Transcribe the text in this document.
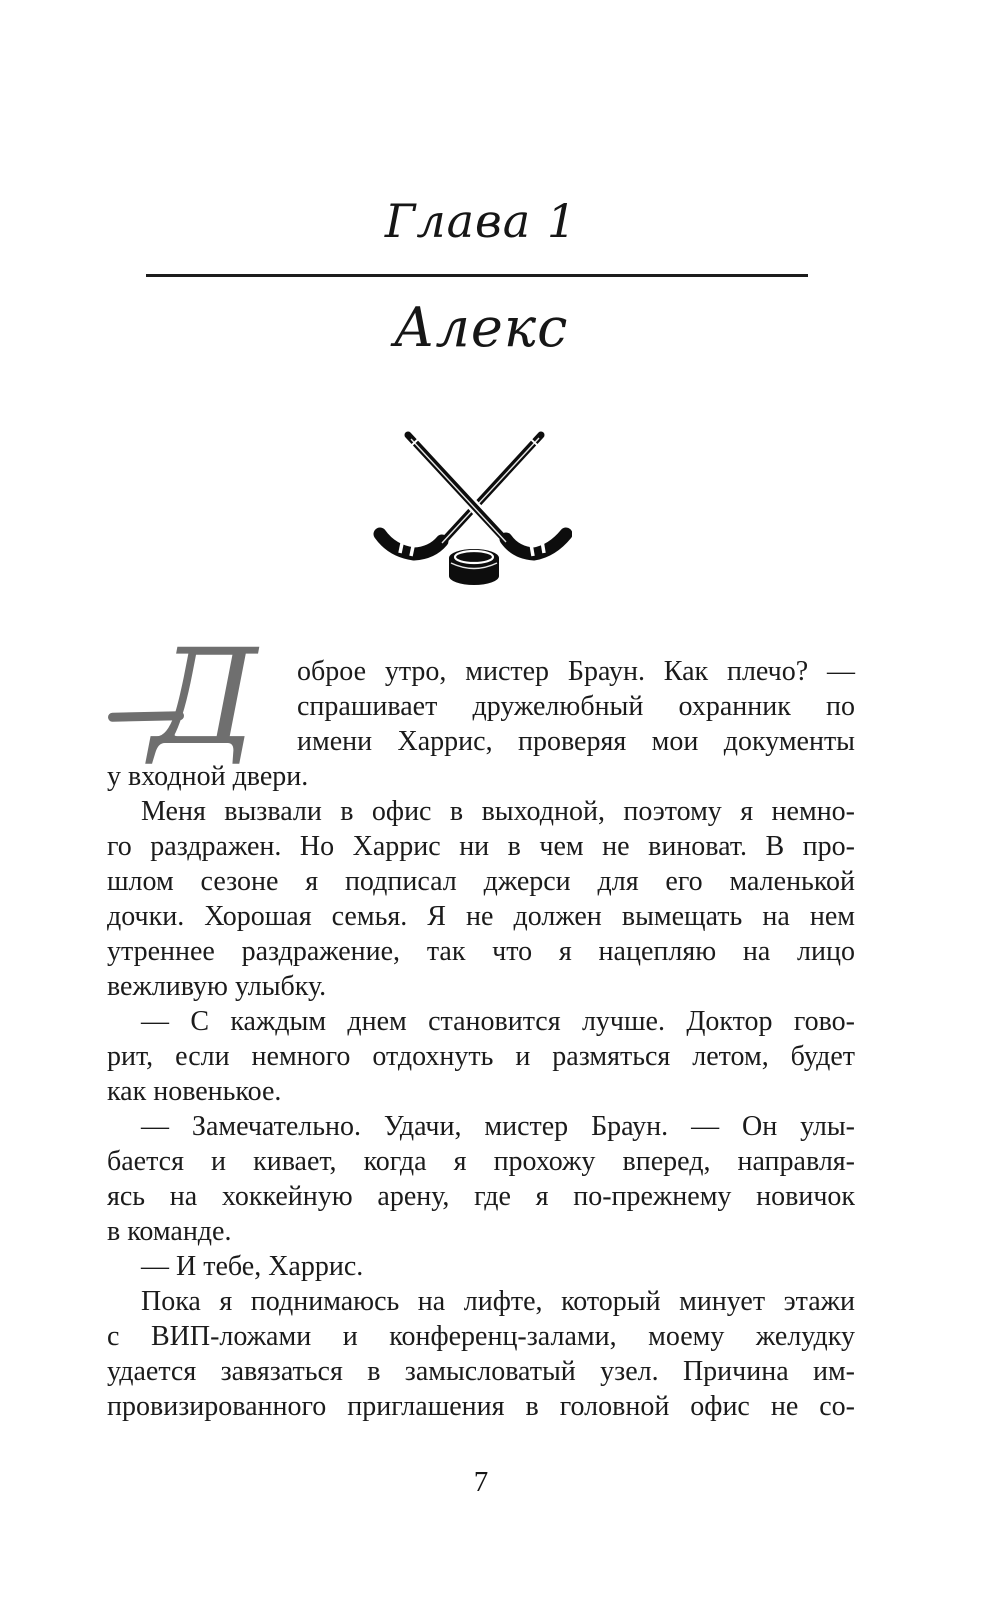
Глава 1
Алекс
Д оброе утро, мистер Браун. Как плечо? —
спрашивает дружелюбный охранник по
имени Харрис, проверяя мои документы
у входной двери.
Меня вызвали в офис в выходной, поэтому я немно-
го раздражен. Но Харрис ни в чем не виноват. В про-
шлом сезоне я подписал джерси для его маленькой
дочки. Хорошая семья. Я не должен вымещать на нем
утреннее раздражение, так что я нацепляю на лицо
вежливую улыбку.
— С каждым днем становится лучше. Доктор гово-
рит, если немного отдохнуть и размяться летом, будет
как новенькое.
— Замечательно. Удачи, мистер Браун. — Он улы-
бается и кивает, когда я прохожу вперед, направля-
ясь на хоккейную арену, где я по-прежнему новичок
в команде.
— И тебе, Харрис.
Пока я поднимаюсь на лифте, который минует этажи
с ВИП-ложами и конференц-залами, моему желудку
удается завязаться в замысловатый узел. Причина им-
провизированного приглашения в головной офис не со-
7
